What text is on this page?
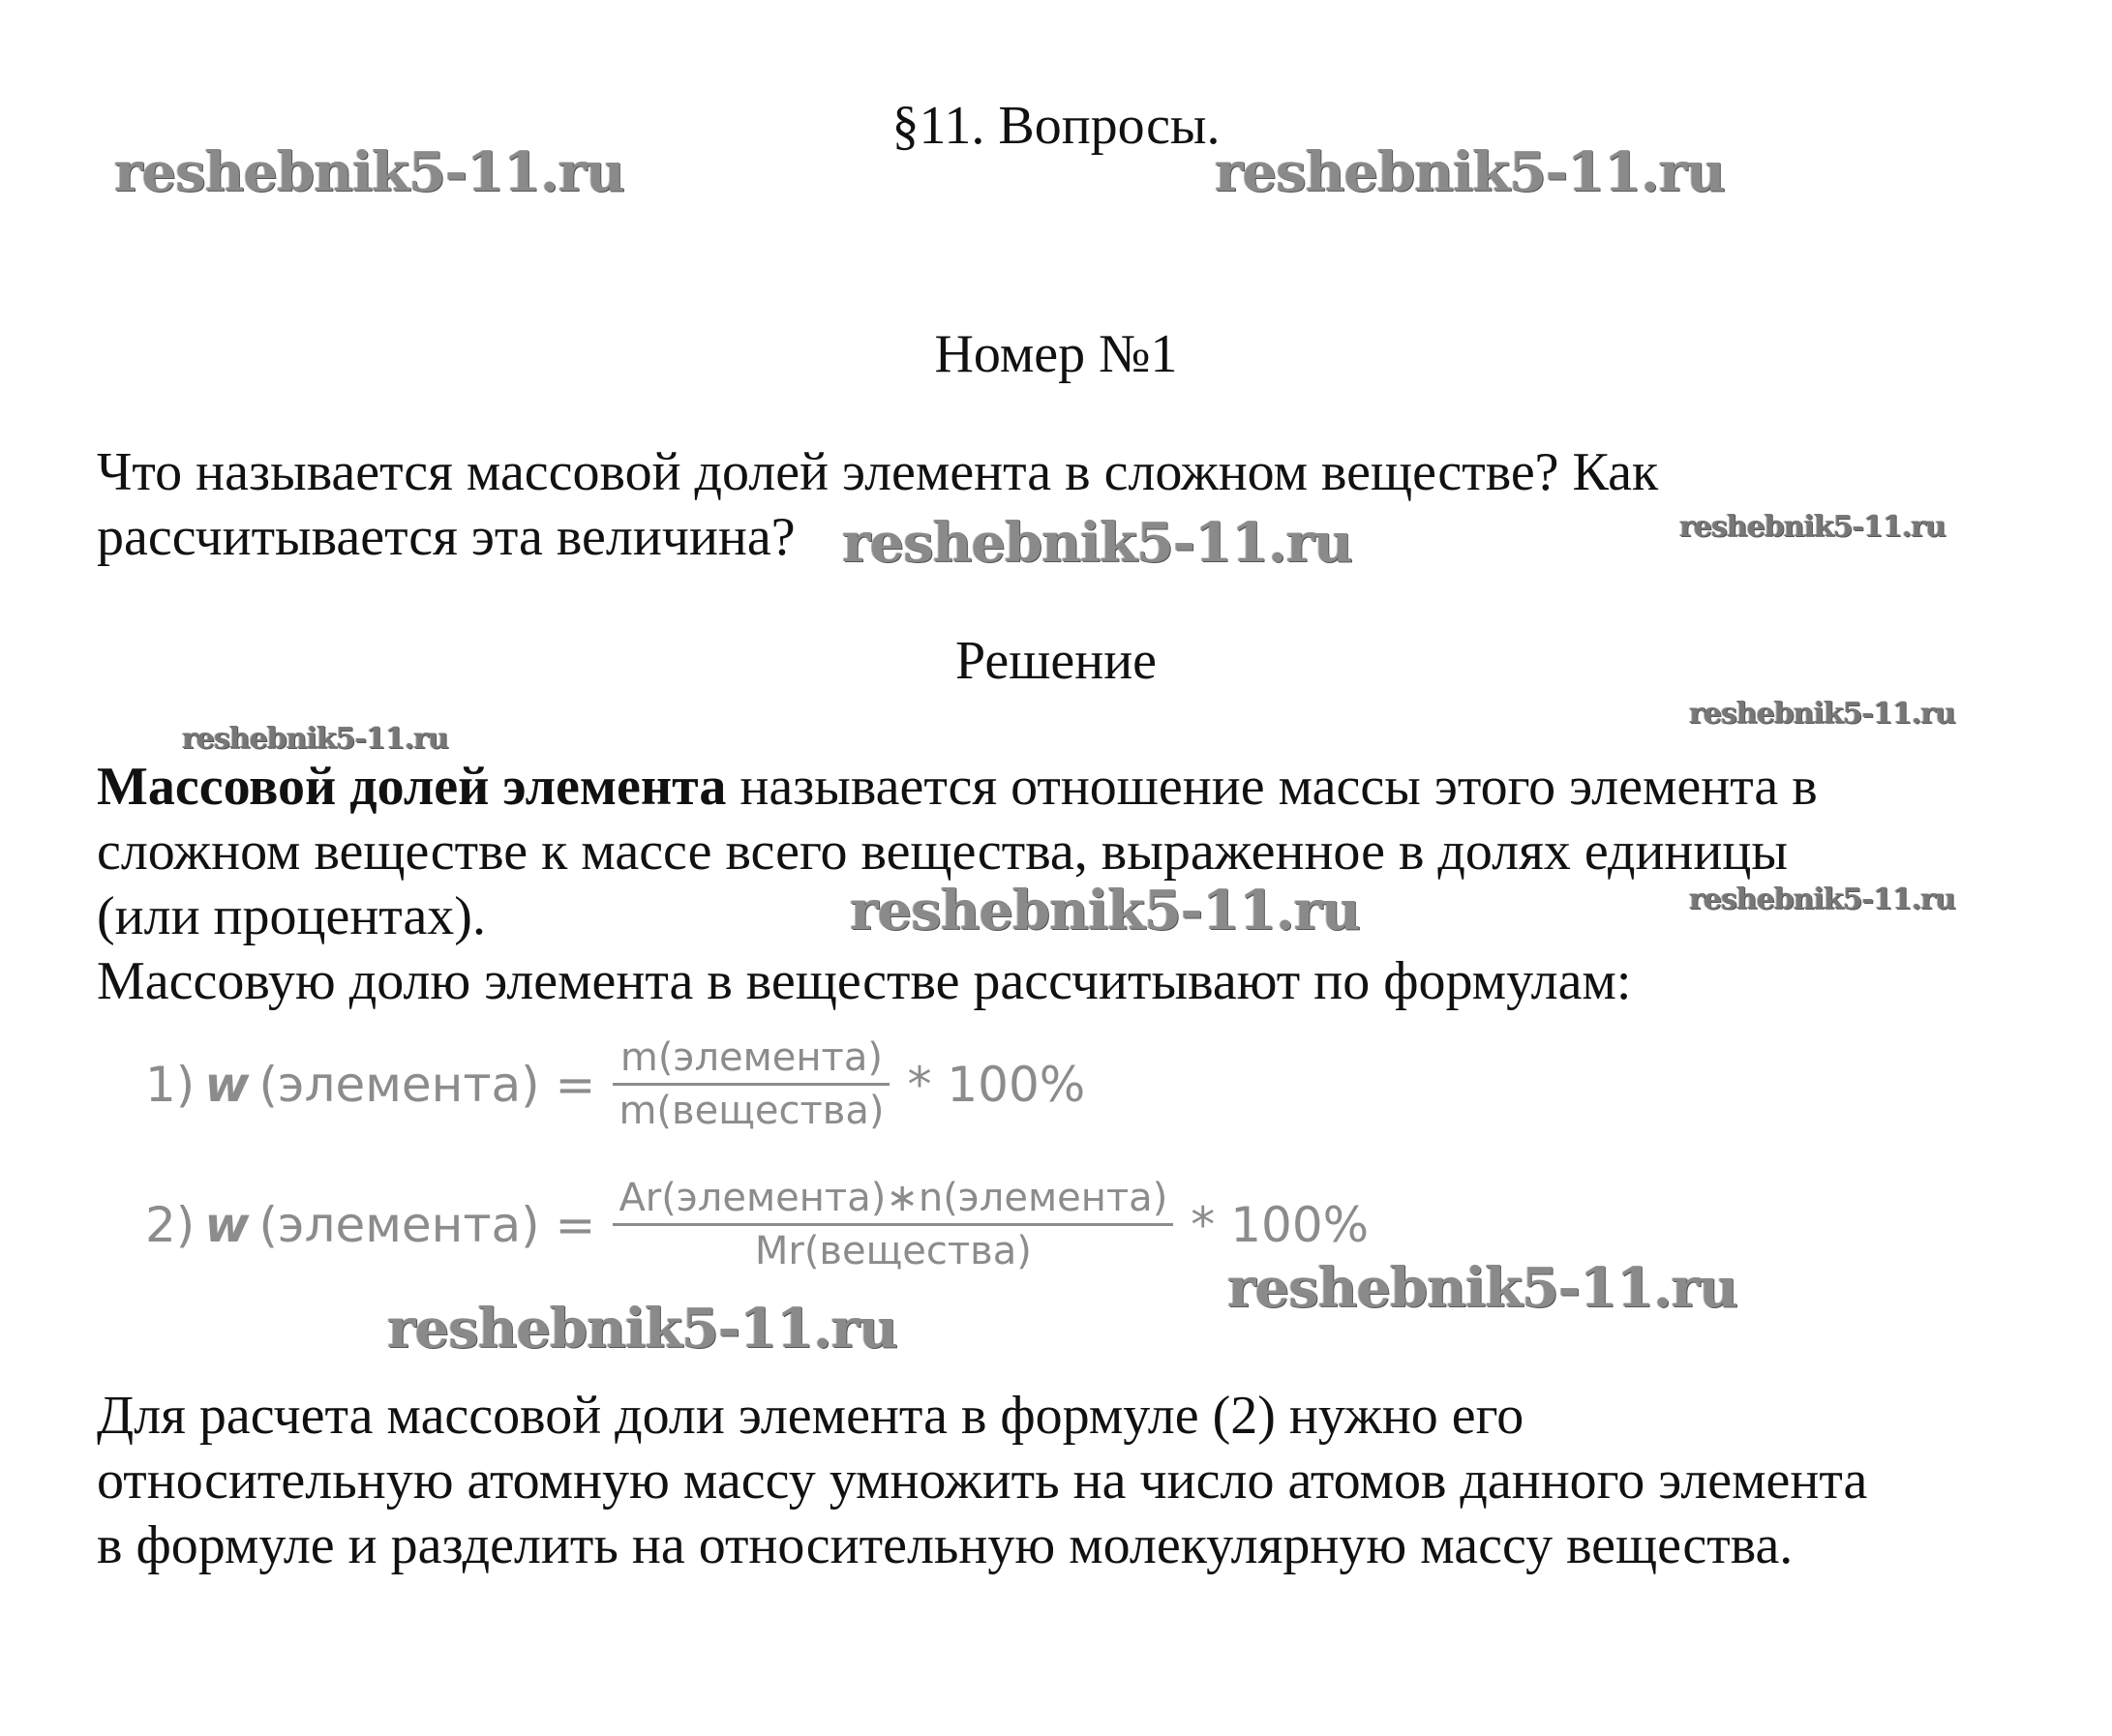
§11. Вопросы.
reshebnik5-11.ru	reshebnik5-11.ru
reshebnik5-11.ru	reshebnik5-11.ru
reshebnik5-11.ru
reshebnik5-11.ru
reshebnik5-11.ru	reshebnik5-11.ru
reshebnik5-11.ru
reshebnik5-11.ru
Номер №1

Что называется массовой долей элемента в сложном веществе? Как

рассчитывается эта величина?

Решение

Массовой долей элемента называется отношение массы этого элемента в

сложном веществе к массе всего вещества, выраженное в долях единицы

(или процентах).

Массовую долю элемента в веществе рассчитывают по формулам:

1) w (элемента) = $\frac{\text{m(элемента)}}{\text{m(вещества)}} * 100\%$
2) w (элемента) = $\frac{\text{Ar(элемента)∗n(элемента)}}{\text{Mr(вещества)}} * 100\%$

Для расчета массовой доли элемента в формуле (2) нужно его

относительную атомную массу умножить на число атомов данного элемента

в формуле и разделить на относительную молекулярную массу вещества.
